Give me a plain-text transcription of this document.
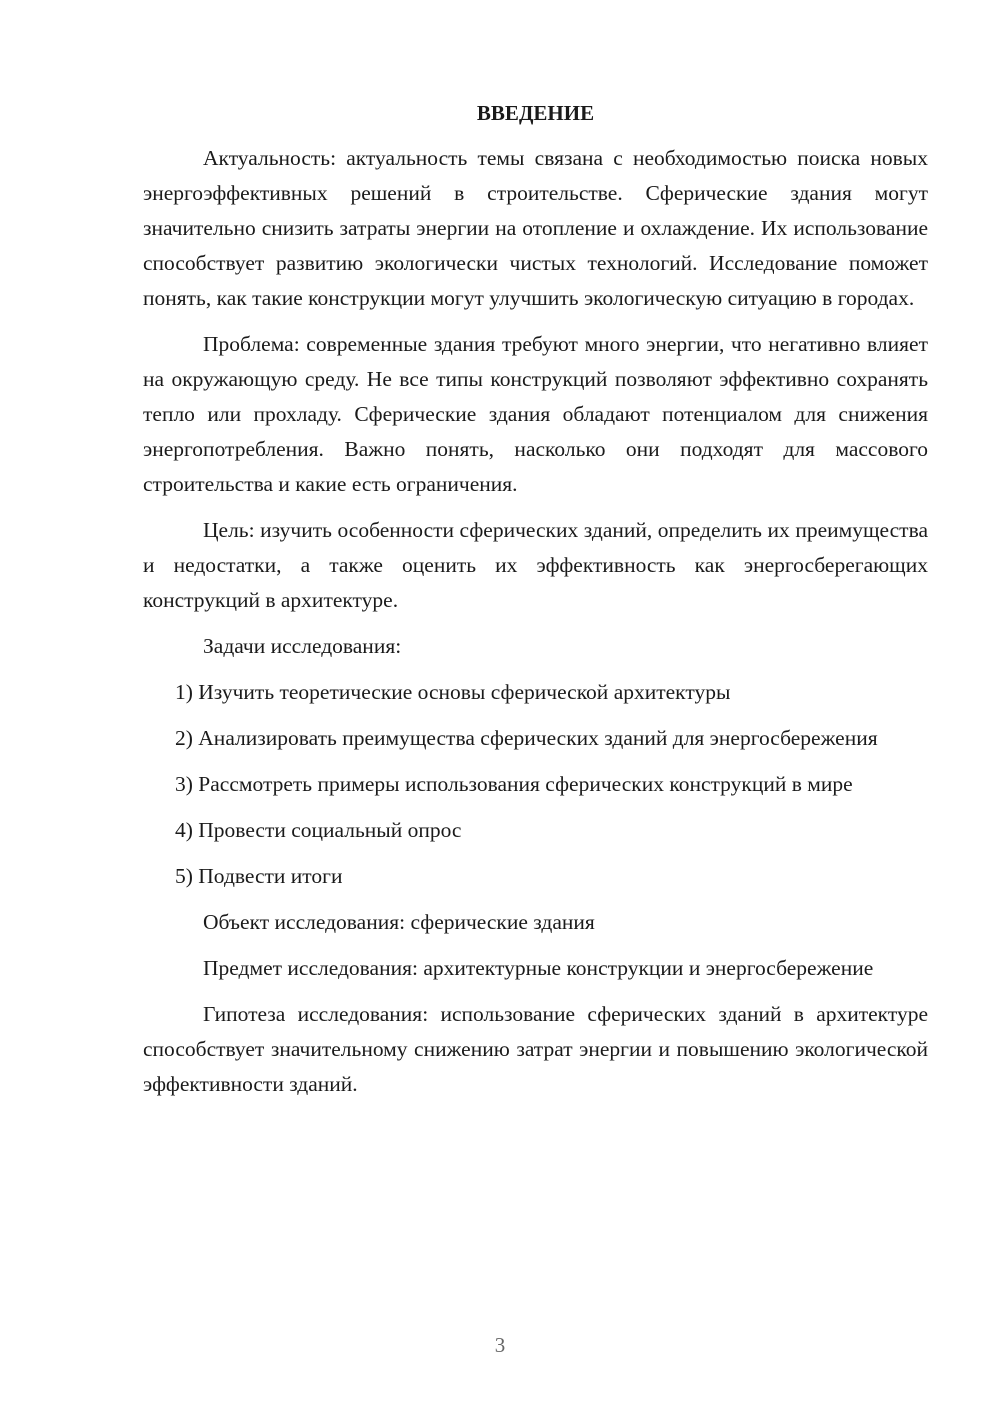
ВВЕДЕНИЕ

Актуальность: актуальность темы связана с необходимостью поиска новых энергоэффективных решений в строительстве. Сферические здания могут значительно снизить затраты энергии на отопление и охлаждение. Их использование способствует развитию экологически чистых технологий. Исследование поможет понять, как такие конструкции могут улучшить экологическую ситуацию в городах.

Проблема: современные здания требуют много энергии, что негативно влияет на окружающую среду. Не все типы конструкций позволяют эффективно сохранять тепло или прохладу. Сферические здания обладают потенциалом для снижения энергопотребления. Важно понять, насколько они подходят для массового строительства и какие есть ограничения.

Цель: изучить особенности сферических зданий, определить их преимущества и недостатки, а также оценить их эффективность как энергосберегающих конструкций в архитектуре.

Задачи исследования:

1) Изучить теоретические основы сферической архитектуры

2) Анализировать преимущества сферических зданий для энергосбережения

3) Рассмотреть примеры использования сферических конструкций в мире

4) Провести социальный опрос

5) Подвести итоги

Объект исследования: сферические здания

Предмет исследования: архитектурные конструкции и энергосбережение

Гипотеза исследования: использование сферических зданий в архитектуре способствует значительному снижению затрат энергии и повышению экологической эффективности зданий.

3
